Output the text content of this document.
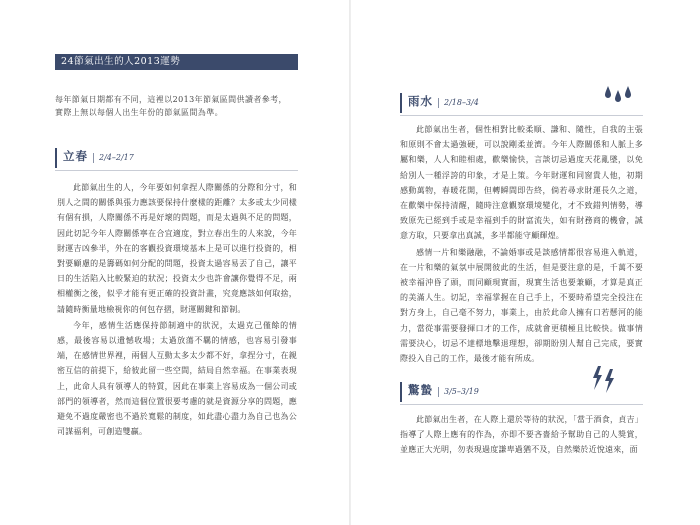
24節氣出生的人2013運勢
每年節氣日期都有不同，這裡以2013年節氣區間供讀者參考，實際上無以每個人出生年份的節氣區間為準。
立春 2/4–2/17

此節氣出生的人，今年要如何拿捏人際關係的分際和分寸，和別人之間的關係與張力應該要保持什麼樣的距離？太多或太少同樣有個有損，人際關係不再是好壞的問題，而是太過與不足的問題，因此切記今年人際關係寧在合宜適度，對立春出生的人來說，今年財運吉凶參半，外在的客觀投資環境基本上是可以進行投資的，相對要顧慮的是籌碼如何分配的問題，投資太過容易丟了自己，讓平日的生活陷入比較緊迫的狀況；投資太少也許會讓你覺得不足，兩相權衡之後，似乎才能有更正確的投資計畫，究竟應該如何取捨，請隨時衡量地檢視你的何包存摺，財運關鍵和節制。

今年，感情生活應保持節制適中的狀況，太過克己僅餘的情感，最後容易以遺憾收場；太過放蕩不羈的情感，也容易引發事端，在感情世界裡，兩個人互動太多太少都不好，拿捏分寸，在親密互信的前提下，給彼此留一些空間，結局自然幸福。在事業表現上，此命人具有領導人的特質，因此在事業上容易成為一個公司或部門的領導者，然而這個位置很要考慮的就是資源分享的問題，應避免不過度嚴密也不過於寬鬆的制度，如此盡心盡力為自己也為公司謀福利，可創造雙贏。

雨水 2/18–3/4

此節氣出生者，個性相對比較柔順、謙和、隨性，自我的主張和原則不會太過強硬，可以說剛柔並濟。今年人際關係和人脈上多屬和樂，人人和睦相處，歡樂愉快，言談切忌過度天花亂墜，以免給別人一種浮誇的印象，才是上策。今年財運和同窗貴人他，初期感動萬物，春暖花開，但轉瞬間即告終，倘若尋求財運長久之道，在歡樂中保持清醒，隨時注意觀察環境變化，才不致錯判情勢，導致原先已經到手或是幸福到手的財富流失，如有財務商的機會，誠意方取，只要拿出真誠，多半都能守顧輝煌。

感情一片和樂融融，不論婚事或是談感情都很容易進入軌道，在一片和樂的氣氛中展開彼此的生活，但是要注意的是，千萬不要被幸福沖昏了頭，而同顧現實面，現實生活也要兼顧，才算是真正的美滿人生。切記，幸福掌握在自己手上，不要時希望完全投注在對方身上，自己毫不努力，事業上，由於此命人擁有口若懸河的能力，當從事需要發揮口才的工作，成就會更積極且比較快。做事情需要決心，切忌不達標地擊退理想，卻期盼別人幫自己完成，要實際投入自己的工作，最後才能有所成。

驚蟄 3/5–3/19

此節氣出生者，在人際上還於等待的狀況，「當于酒食，貞吉」指導了人際上應有的作為，亦即不要吝嗇給予幫助自己的人獎賞，並應正大光明，勿表現過度謙卑過猶不及，自然樂於近悅遠來，面
